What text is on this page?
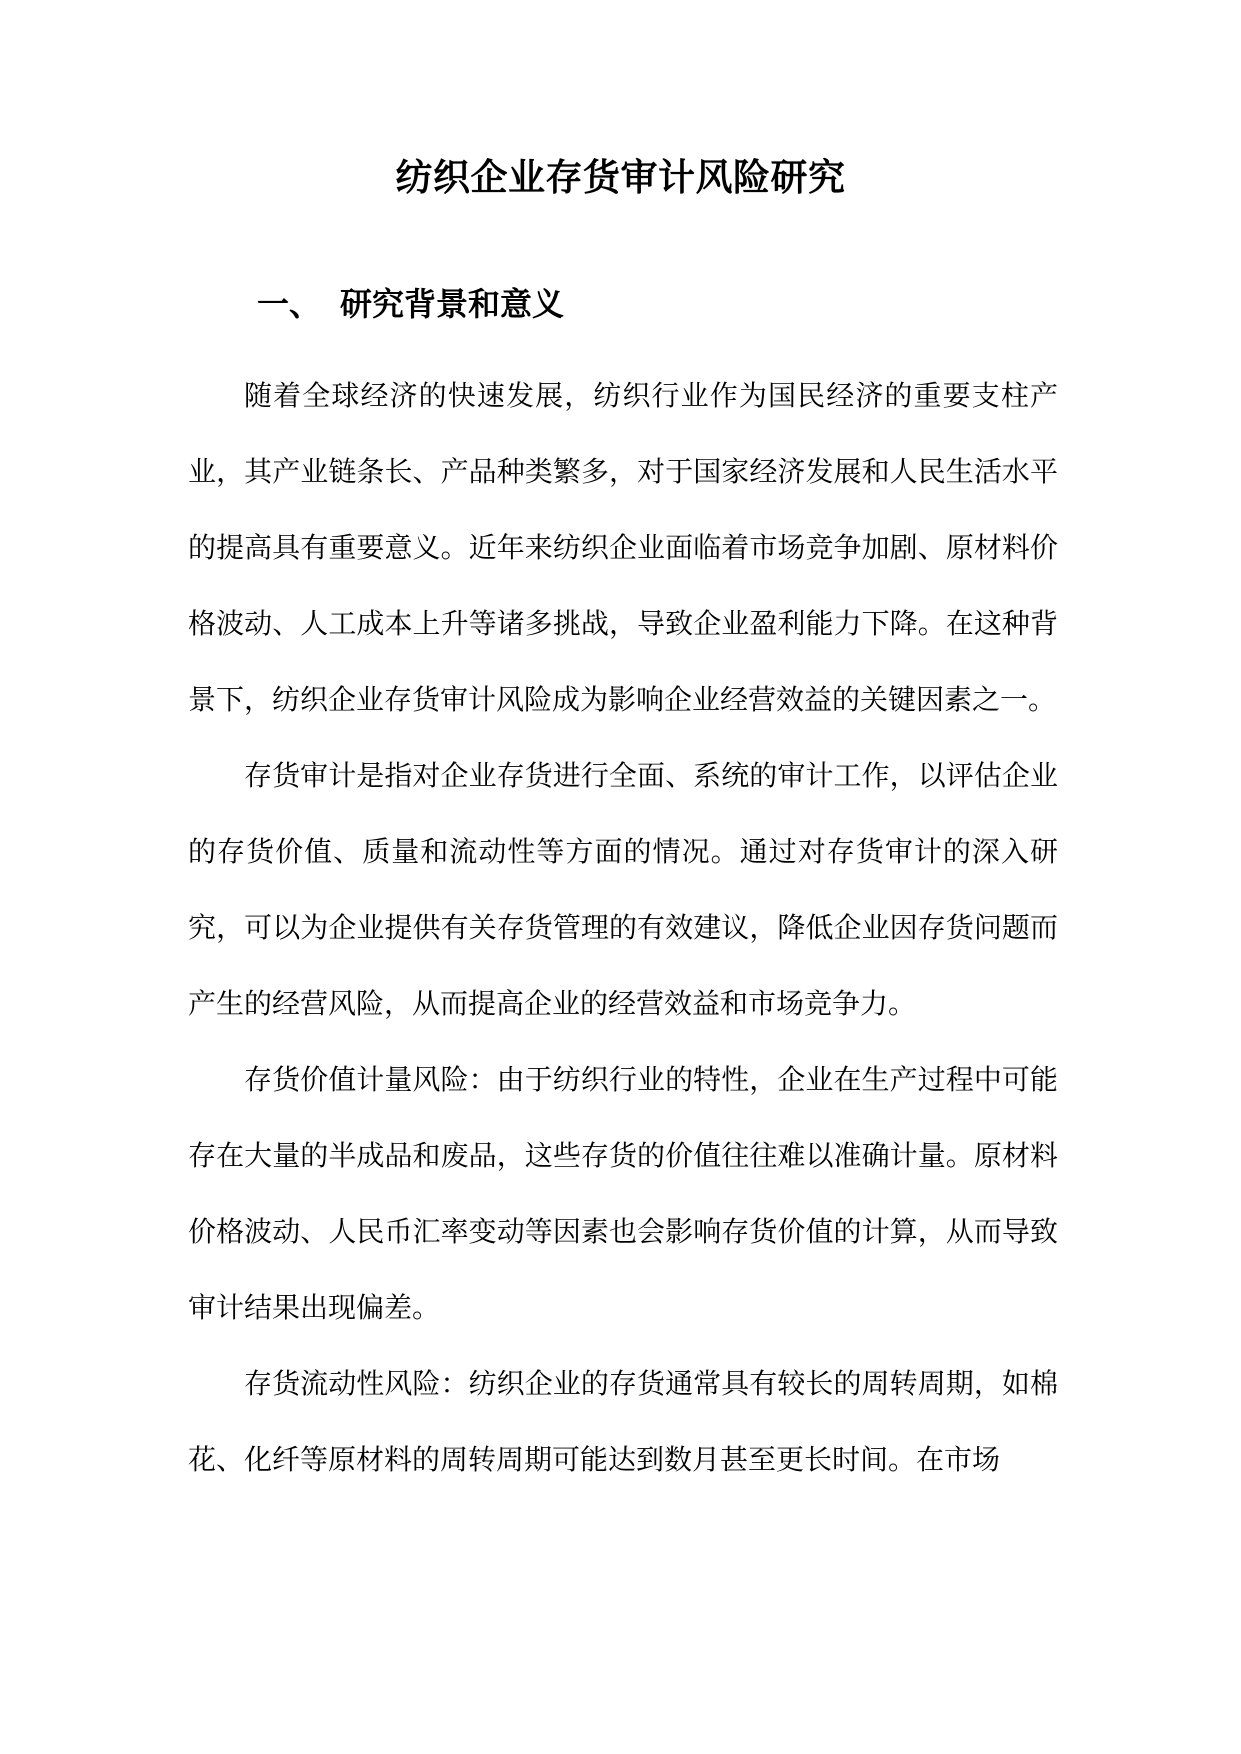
纺织企业存货审计风险研究
一、 研究背景和意义

随着全球经济的快速发展，纺织行业作为国民经济的重要支柱产业，其产业链条长、产品种类繁多，对于国家经济发展和人民生活水平的提高具有重要意义。近年来纺织企业面临着市场竞争加剧、原材料价格波动、人工成本上升等诸多挑战，导致企业盈利能力下降。在这种背景下，纺织企业存货审计风险成为影响企业经营效益的关键因素之一。

存货审计是指对企业存货进行全面、系统的审计工作，以评估企业的存货价值、质量和流动性等方面的情况。通过对存货审计的深入研究，可以为企业提供有关存货管理的有效建议，降低企业因存货问题而产生的经营风险，从而提高企业的经营效益和市场竞争力。

存货价值计量风险：由于纺织行业的特性，企业在生产过程中可能存在大量的半成品和废品，这些存货的价值往往难以准确计量。原材料价格波动、人民币汇率变动等因素也会影响存货价值的计算，从而导致审计结果出现偏差。

存货流动性风险：纺织企业的存货通常具有较长的周转周期，如棉花、化纤等原材料的周转周期可能达到数月甚至更长时间。在市场
